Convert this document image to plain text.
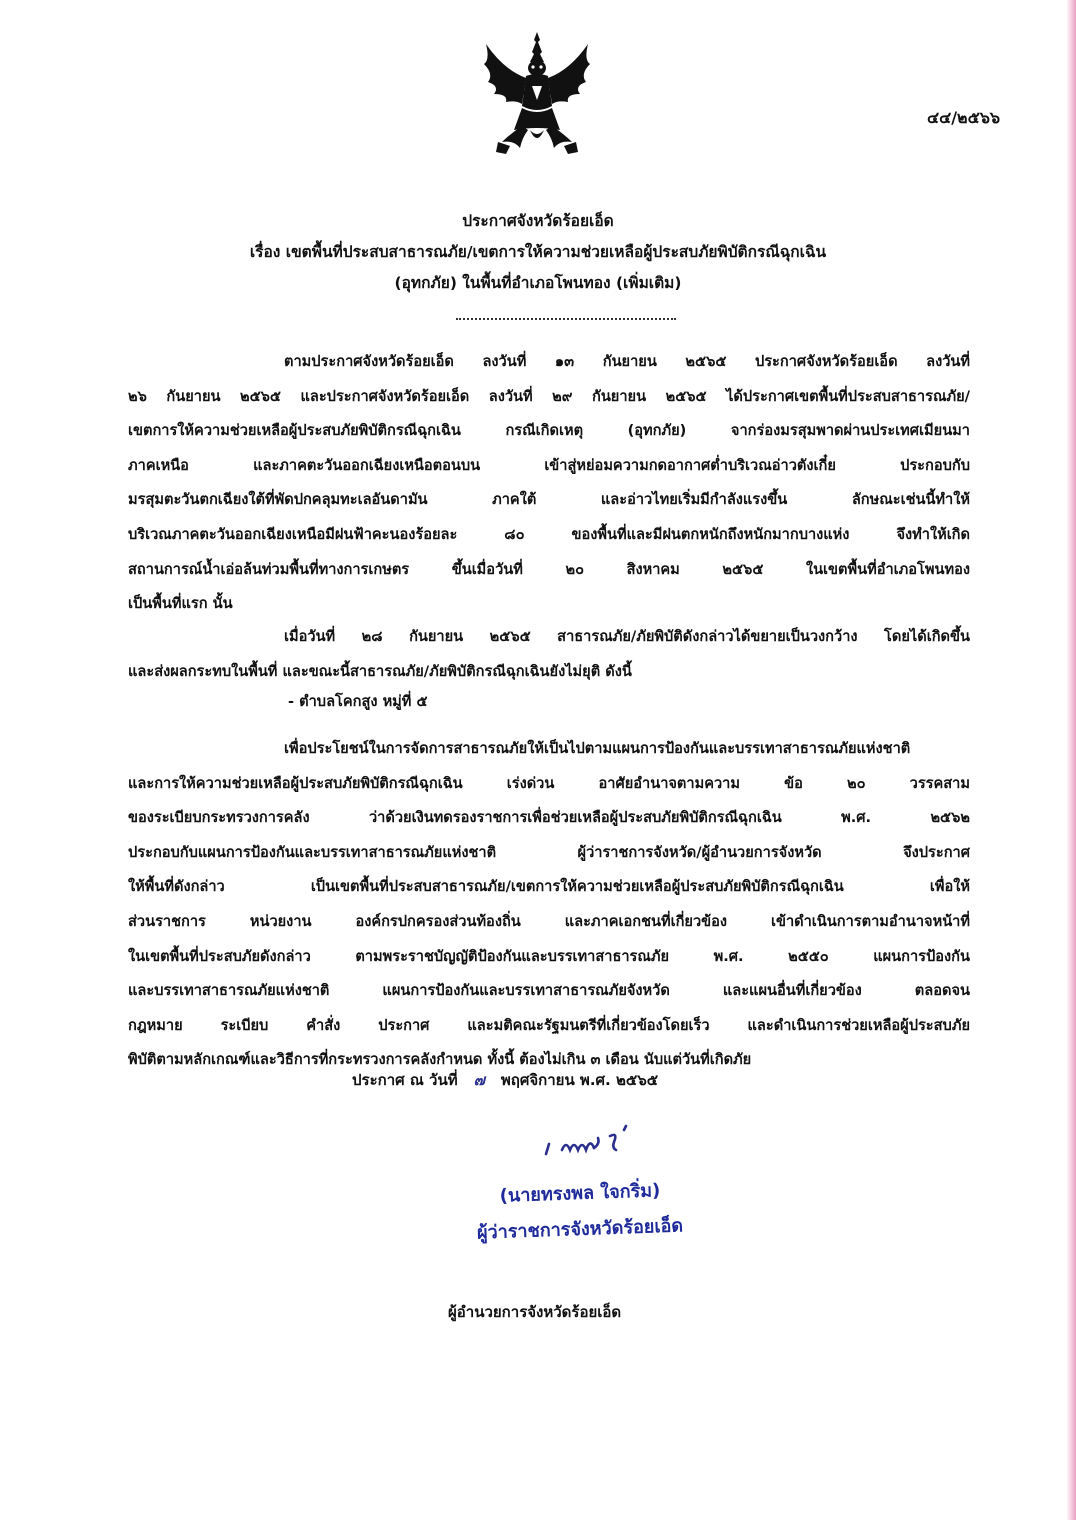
๔๔/๒๕๖๖
ประกาศจังหวัดร้อยเอ็ด
เรื่อง เขตพื้นที่ประสบสาธารณภัย/เขตการให้ความช่วยเหลือผู้ประสบภัยพิบัติกรณีฉุกเฉิน
(อุทกภัย) ในพื้นที่อำเภอโพนทอง (เพิ่มเติม)
ตามประกาศจังหวัดร้อยเอ็ด ลงวันที่ ๑๓ กันยายน ๒๕๖๕ ประกาศจังหวัดร้อยเอ็ด ลงวันที่
๒๖ กันยายน ๒๕๖๕ และประกาศจังหวัดร้อยเอ็ด ลงวันที่ ๒๙ กันยายน ๒๕๖๕ ได้ประกาศเขตพื้นที่ประสบสาธารณภัย/
เขตการให้ความช่วยเหลือผู้ประสบภัยพิบัติกรณีฉุกเฉิน กรณีเกิดเหตุ (อุทกภัย) จากร่องมรสุมพาดผ่านประเทศเมียนมา
ภาคเหนือ และภาคตะวันออกเฉียงเหนือตอนบน เข้าสู่หย่อมความกดอากาศต่ำบริเวณอ่าวตังเกี๋ย ประกอบกับ
มรสุมตะวันตกเฉียงใต้ที่พัดปกคลุมทะเลอันดามัน ภาคใต้ และอ่าวไทยเริ่มมีกำลังแรงขึ้น ลักษณะเช่นนี้ทำให้
บริเวณภาคตะวันออกเฉียงเหนือมีฝนฟ้าคะนองร้อยละ ๘๐ ของพื้นที่และมีฝนตกหนักถึงหนักมากบางแห่ง จึงทำให้เกิด
สถานการณ์น้ำเอ่อล้นท่วมพื้นที่ทางการเกษตร ขึ้นเมื่อวันที่ ๒๐ สิงหาคม ๒๕๖๕ ในเขตพื้นที่อำเภอโพนทอง
เป็นพื้นที่แรก นั้น
เมื่อวันที่ ๒๘ กันยายน ๒๕๖๕ สาธารณภัย/ภัยพิบัติดังกล่าวได้ขยายเป็นวงกว้าง โดยได้เกิดขึ้น
และส่งผลกระทบในพื้นที่ และขณะนี้สาธารณภัย/ภัยพิบัติกรณีฉุกเฉินยังไม่ยุติ ดังนี้
- ตำบลโคกสูง หมู่ที่ ๕
เพื่อประโยชน์ในการจัดการสาธารณภัยให้เป็นไปตามแผนการป้องกันและบรรเทาสาธารณภัยแห่งชาติ
และการให้ความช่วยเหลือผู้ประสบภัยพิบัติกรณีฉุกเฉิน เร่งด่วน อาศัยอำนาจตามความ ข้อ ๒๐ วรรคสาม
ของระเบียบกระทรวงการคลัง ว่าด้วยเงินทดรองราชการเพื่อช่วยเหลือผู้ประสบภัยพิบัติกรณีฉุกเฉิน พ.ศ. ๒๕๖๒
ประกอบกับแผนการป้องกันและบรรเทาสาธารณภัยแห่งชาติ ผู้ว่าราชการจังหวัด/ผู้อำนวยการจังหวัด จึงประกาศ
ให้พื้นที่ดังกล่าว เป็นเขตพื้นที่ประสบสาธารณภัย/เขตการให้ความช่วยเหลือผู้ประสบภัยพิบัติกรณีฉุกเฉิน เพื่อให้
ส่วนราชการ หน่วยงาน องค์กรปกครองส่วนท้องถิ่น และภาคเอกชนที่เกี่ยวข้อง เข้าดำเนินการตามอำนาจหน้าที่
ในเขตพื้นที่ประสบภัยดังกล่าว ตามพระราชบัญญัติป้องกันและบรรเทาสาธารณภัย พ.ศ. ๒๕๕๐ แผนการป้องกัน
และบรรเทาสาธารณภัยแห่งชาติ แผนการป้องกันและบรรเทาสาธารณภัยจังหวัด และแผนอื่นที่เกี่ยวข้อง ตลอดจน
กฎหมาย ระเบียบ คำสั่ง ประกาศ และมติคณะรัฐมนตรีที่เกี่ยวข้องโดยเร็ว และดำเนินการช่วยเหลือผู้ประสบภัย
พิบัติตามหลักเกณฑ์และวิธีการที่กระทรวงการคลังกำหนด ทั้งนี้ ต้องไม่เกิน ๓ เดือน นับแต่วันที่เกิดภัย
ประกาศ ณ วันที่ ๗ พฤศจิกายน พ.ศ. ๒๕๖๕
(นายทรงพล ใจกริ่ม)
ผู้ว่าราชการจังหวัดร้อยเอ็ด
ผู้อำนวยการจังหวัดร้อยเอ็ด
